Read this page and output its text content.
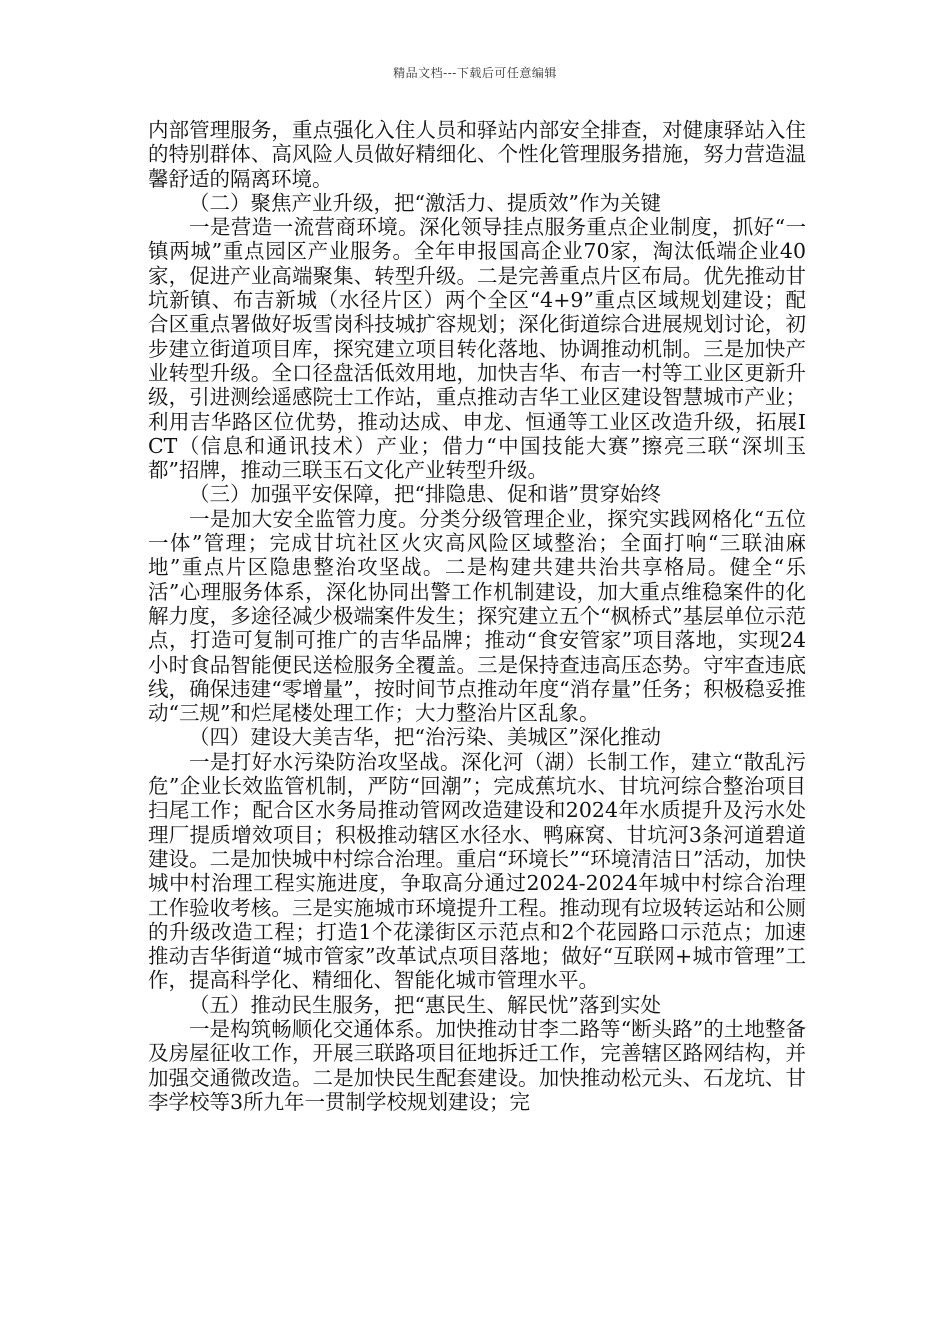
精品文档---下载后可任意编辑

内部管理服务，重点强化入住人员和驿站内部安全排查，对健康驿站入住的特别群体、高风险人员做好精细化、个性化管理服务措施，努力营造温馨舒适的隔离环境。

（二）聚焦产业升级，把“激活力、提质效”作为关键

一是营造一流营商环境。深化领导挂点服务重点企业制度，抓好“一镇两城”重点园区产业服务。全年申报国高企业70家，淘汰低端企业40家，促进产业高端聚集、转型升级。二是完善重点片区布局。优先推动甘坑新镇、布吉新城（水径片区）两个全区“4+9”重点区域规划建设；配合区重点署做好坂雪岗科技城扩容规划；深化街道综合进展规划讨论，初步建立街道项目库，探究建立项目转化落地、协调推动机制。三是加快产业转型升级。全口径盘活低效用地，加快吉华、布吉一村等工业区更新升级，引进测绘遥感院士工作站，重点推动吉华工业区建设智慧城市产业；利用吉华路区位优势，推动达成、申龙、恒通等工业区改造升级，拓展ICT（信息和通讯技术）产业；借力“中国技能大赛”擦亮三联“深圳玉都”招牌，推动三联玉石文化产业转型升级。

（三）加强平安保障，把“排隐患、促和谐”贯穿始终

一是加大安全监管力度。分类分级管理企业，探究实践网格化“五位一体”管理；完成甘坑社区火灾高风险区域整治；全面打响“三联油麻地”重点片区隐患整治攻坚战。二是构建共建共治共享格局。健全“乐活”心理服务体系，深化协同出警工作机制建设，加大重点维稳案件的化解力度，多途径减少极端案件发生；探究建立五个“枫桥式”基层单位示范点，打造可复制可推广的吉华品牌；推动“食安管家”项目落地，实现24小时食品智能便民送检服务全覆盖。三是保持查违高压态势。守牢查违底线，确保违建“零增量”，按时间节点推动年度“消存量”任务；积极稳妥推动“三规”和烂尾楼处理工作；大力整治片区乱象。

（四）建设大美吉华，把“治污染、美城区”深化推动

一是打好水污染防治攻坚战。深化河（湖）长制工作，建立“散乱污危”企业长效监管机制，严防“回潮”；完成蕉坑水、甘坑河综合整治项目扫尾工作；配合区水务局推动管网改造建设和2024年水质提升及污水处理厂提质增效项目；积极推动辖区水径水、鸭麻窝、甘坑河3条河道碧道建设。二是加快城中村综合治理。重启“环境长”“环境清洁日”活动，加快城中村治理工程实施进度，争取高分通过2024-2024年城中村综合治理工作验收考核。三是实施城市环境提升工程。推动现有垃圾转运站和公厕的升级改造工程；打造1个花漾街区示范点和2个花园路口示范点；加速推动吉华街道“城市管家”改革试点项目落地；做好“互联网+城市管理”工作，提高科学化、精细化、智能化城市管理水平。

（五）推动民生服务，把“惠民生、解民忧”落到实处

一是构筑畅顺化交通体系。加快推动甘李二路等“断头路”的土地整备及房屋征收工作，开展三联路项目征地拆迁工作，完善辖区路网结构，并加强交通微改造。二是加快民生配套建设。加快推动松元头、石龙坑、甘李学校等3所九年一贯制学校规划建设；完
